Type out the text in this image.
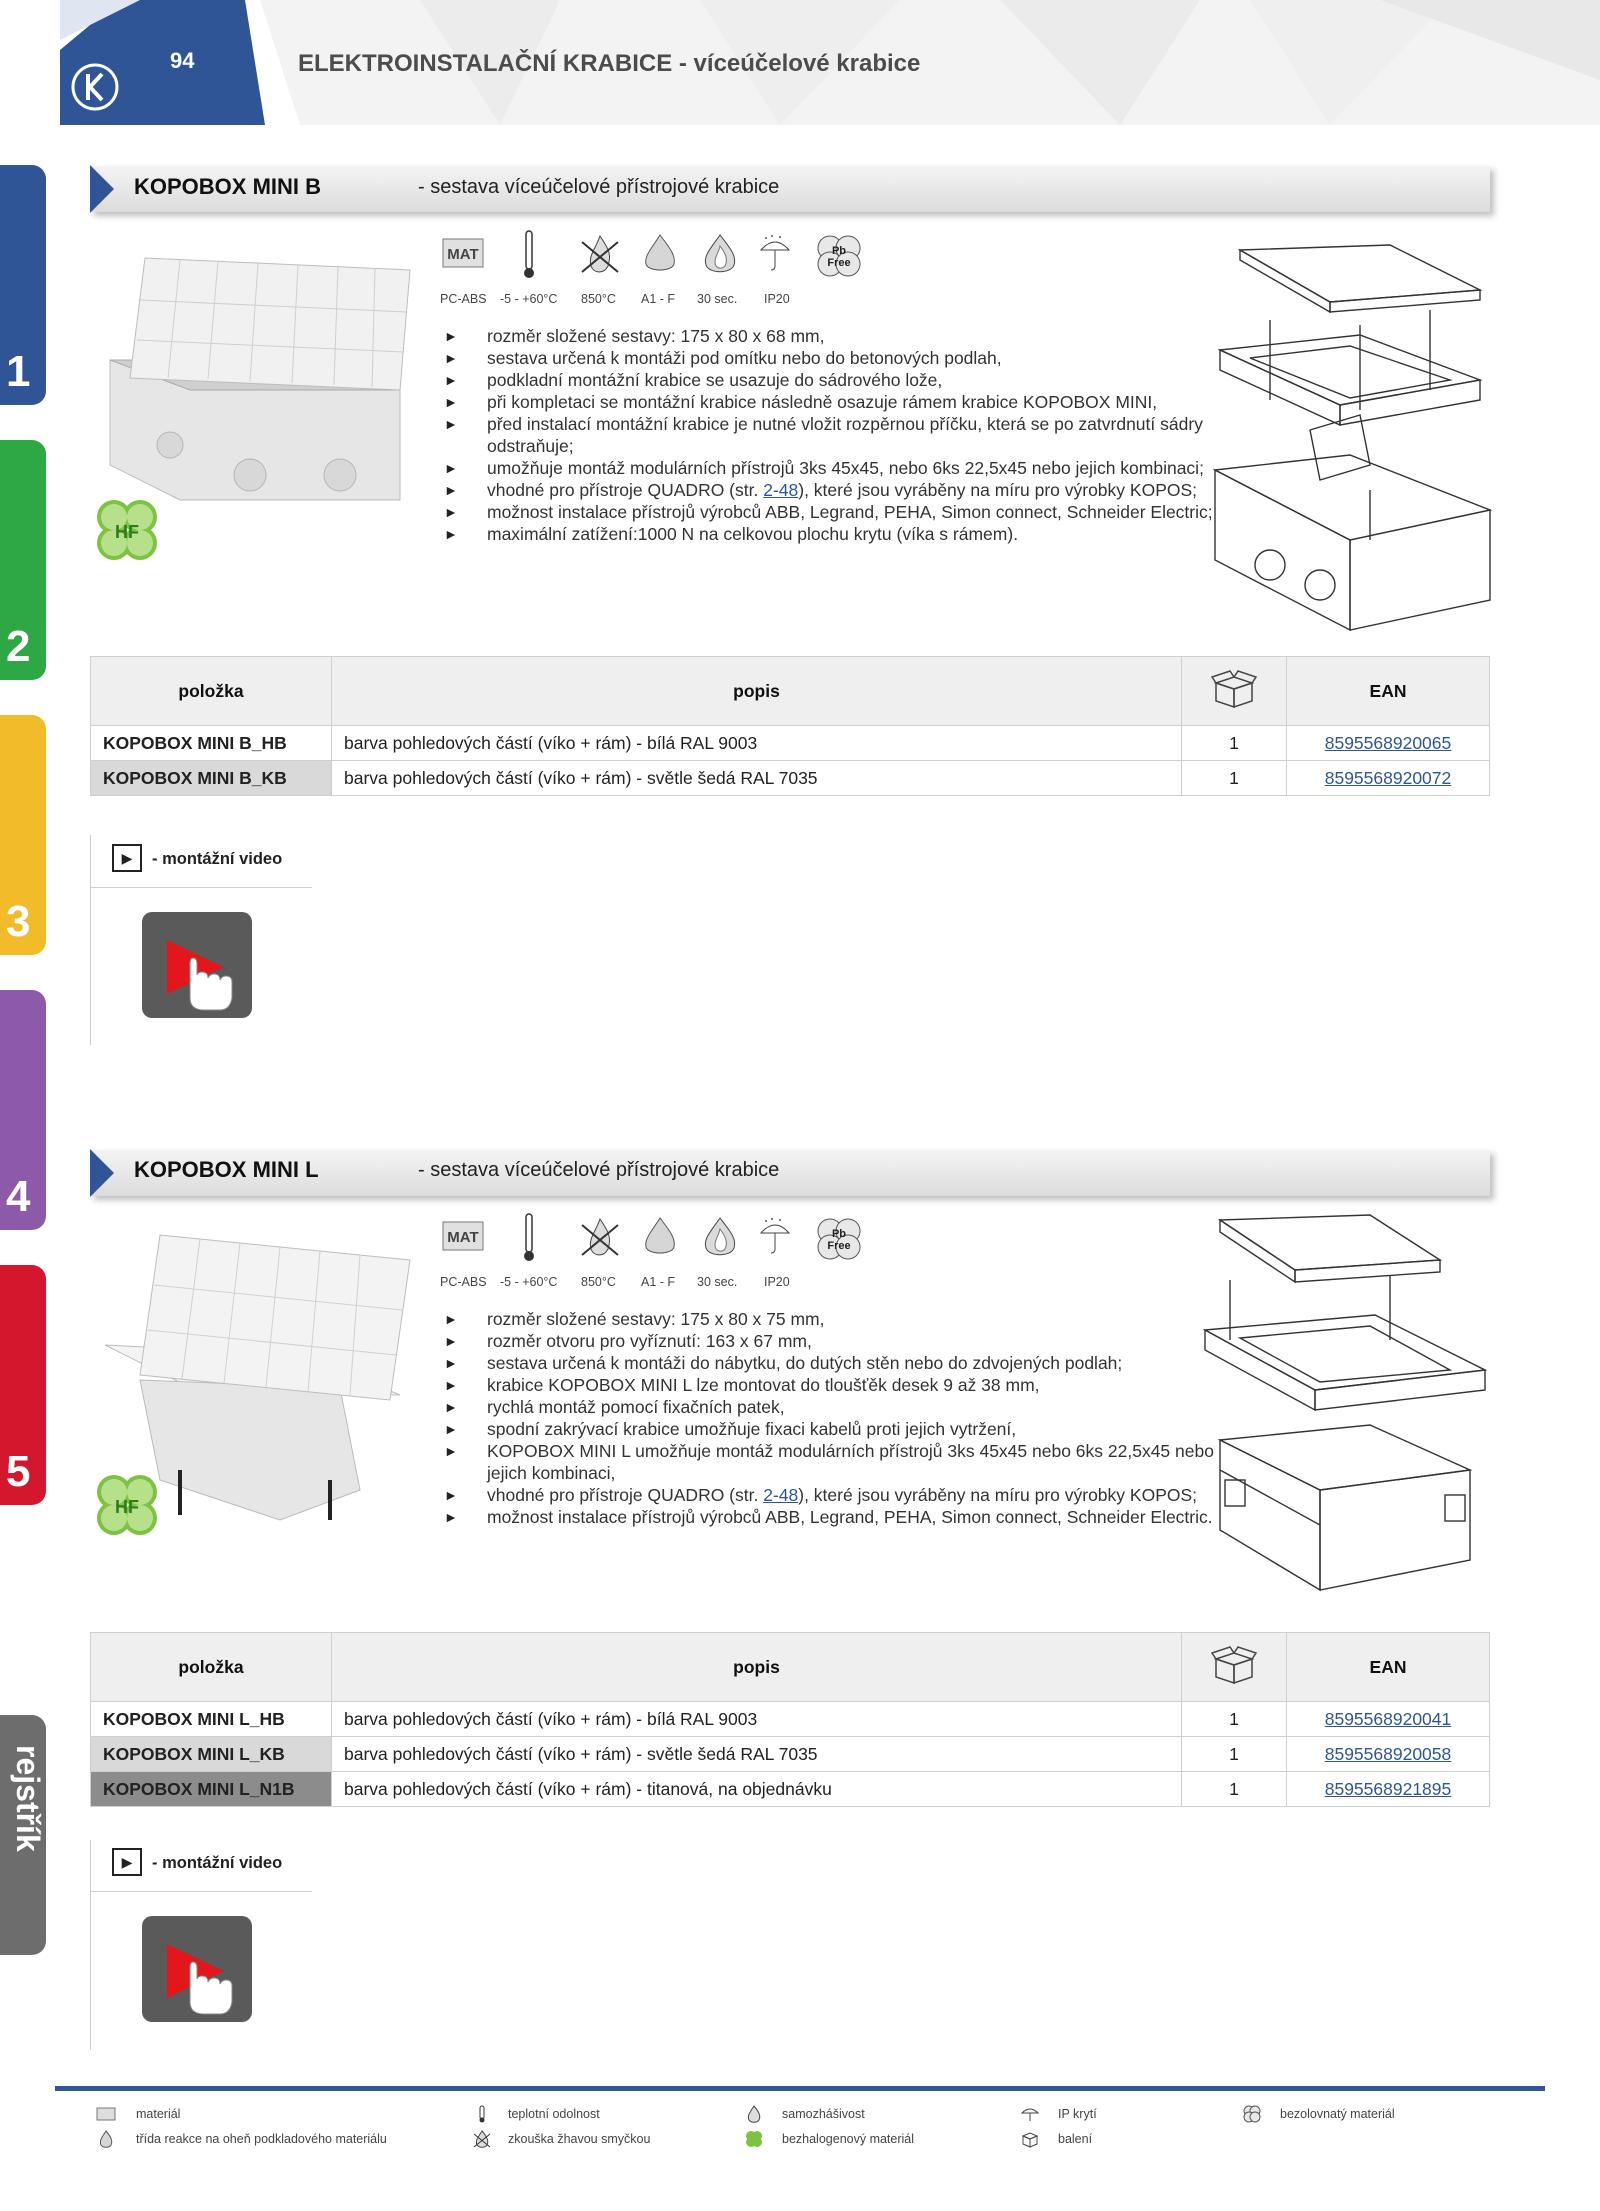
94	ELEKTROINSTALAČNÍ KRABICE - víceúčelové krabice
1
2
3
4
5
rejstřík
KOPOBOX MINI B	- sestava víceúčelové přístrojové krabice
HF
MAT	Pb
Free
PC-ABS -5 - +60°C 850°C A1 - F 30 sec. IP20
► rozměr složené sestavy: 175 x 80 x 68 mm,
► sestava určená k montáži pod omítku nebo do betonových podlah,
► podkladní montážní krabice se usazuje do sádrového lože,
► při kompletaci se montážní krabice následně osazuje rámem krabice KOPOBOX MINI,
► před instalací montážní krabice je nutné vložit rozpěrnou příčku, která se po zatvrdnutí sádry odstraňuje;
► umožňuje montáž modulárních přístrojů 3ks 45x45, nebo 6ks 22,5x45 nebo jejich kombinaci;
► vhodné pro přístroje QUADRO (str. 2-48), které jsou vyráběny na míru pro výrobky KOPOS;
► možnost instalace přístrojů výrobců ABB, Legrand, PEHA, Simon connect, Schneider Electric;
► maximální zatížení:1000 N na celkovou plochu krytu (víka s rámem).
položka	popis		EAN
KOPOBOX MINI B_HB	barva pohledových částí (víko + rám) - bílá RAL 9003	1	8595568920065
KOPOBOX MINI B_KB	barva pohledových částí (víko + rám) - světle šedá RAL 7035	1	8595568920072
▶	- montážní video
KOPOBOX MINI L	- sestava víceúčelové přístrojové krabice
HF
MAT	Pb
Free
PC-ABS -5 - +60°C 850°C A1 - F 30 sec. IP20
► rozměr složené sestavy: 175 x 80 x 75 mm,
► rozměr otvoru pro vyříznutí: 163 x 67 mm,
► sestava určená k montáži do nábytku, do dutých stěn nebo do zdvojených podlah;
► krabice KOPOBOX MINI L lze montovat do tloušťěk desek 9 až 38 mm,
► rychlá montáž pomocí fixačních patek,
► spodní zakrývací krabice umožňuje fixaci kabelů proti jejich vytržení,
► KOPOBOX MINI L umožňuje montáž modulárních přístrojů 3ks 45x45 nebo 6ks 22,5x45 nebo jejich kombinaci,
► vhodné pro přístroje QUADRO (str. 2-48), které jsou vyráběny na míru pro výrobky KOPOS;
► možnost instalace přístrojů výrobců ABB, Legrand, PEHA, Simon connect, Schneider Electric.
položka	popis		EAN
KOPOBOX MINI L_HB	barva pohledových částí (víko + rám) - bílá RAL 9003	1	8595568920041
KOPOBOX MINI L_KB	barva pohledových částí (víko + rám) - světle šedá RAL 7035	1	8595568920058
KOPOBOX MINI L_N1B	barva pohledových částí (víko + rám) - titanová, na objednávku	1	8595568921895
▶	- montážní video
materiál	teplotní odolnost	samozhášivost	IP krytí	bezolovnatý materiál
třída reakce na oheň podkladového materiálu	zkouška žhavou smyčkou	bezhalogenový materiál	balení
